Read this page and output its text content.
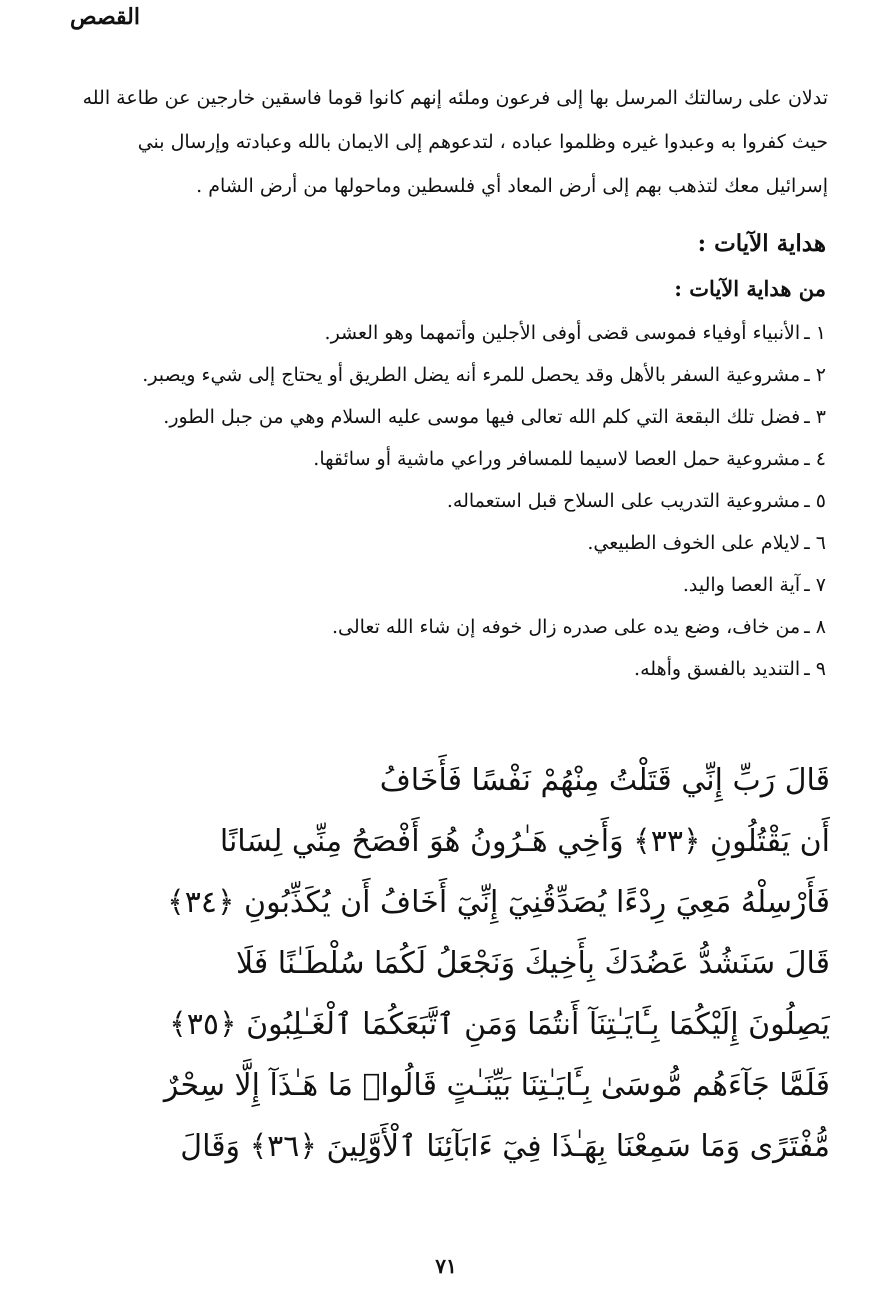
القصص
تدلان على رسالتك المرسل بها إلى فرعون وملئه إنهم كانوا قوما فاسقين خارجين عن طاعة الله
حيث كفروا به وعبدوا غيره وظلموا عباده ، لتدعوهم إلى الايمان بالله وعبادته وإرسال بني
إسرائيل معك لتذهب بهم إلى أرض المعاد أي فلسطين وماحولها من أرض الشام .
هداية الآيات :
من هداية الآيات :
١ ـالأنبياء أوفياء فموسى قضى أوفى الأجلين وأتمهما وهو العشر.
٢ ـمشروعية السفر بالأهل وقد يحصل للمرء أنه يضل الطريق أو يحتاج إلى شيء ويصبر.
٣ ـفضل تلك البقعة التي كلم الله تعالى فيها موسى عليه السلام وهي من جبل الطور.
٤ ـمشروعية حمل العصا لاسيما للمسافر وراعي ماشية أو سائقها.
٥ ـمشروعية التدريب على السلاح قبل استعماله.
٦ ـلايلام على الخوف الطبيعي.
٧ ـآية العصا واليد.
٨ ـمن خاف، وضع يده على صدره زال خوفه إن شاء الله تعالى.
٩ ـالتنديد بالفسق وأهله.
قَالَ رَبِّ إِنِّي قَتَلْتُ مِنْهُمْ نَفْسًا فَأَخَافُ
أَن يَقْتُلُونِ ﴿٣٣﴾ وَأَخِي هَـٰرُونُ هُوَ أَفْصَحُ مِنِّي لِسَانًا
فَأَرْسِلْهُ مَعِيَ رِدْءًا يُصَدِّقُنِيٓ إِنِّيٓ أَخَافُ أَن يُكَذِّبُونِ ﴿٣٤﴾
قَالَ سَنَشُدُّ عَضُدَكَ بِأَخِيكَ وَنَجْعَلُ لَكُمَا سُلْطَـٰنًا فَلَا
يَصِلُونَ إِلَيْكُمَا بِـَٔايَـٰتِنَآ أَنتُمَا وَمَنِ ٱتَّبَعَكُمَا ٱلْغَـٰلِبُونَ ﴿٣٥﴾
فَلَمَّا جَآءَهُم مُّوسَىٰ بِـَٔايَـٰتِنَا بَيِّنَـٰتٍ قَالُوا۟ مَا هَـٰذَآ إِلَّا سِحْرٌ
مُّفْتَرًى وَمَا سَمِعْنَا بِهَـٰذَا فِيٓ ءَابَآئِنَا ٱلْأَوَّلِينَ ﴿٣٦﴾ وَقَالَ
٧١
